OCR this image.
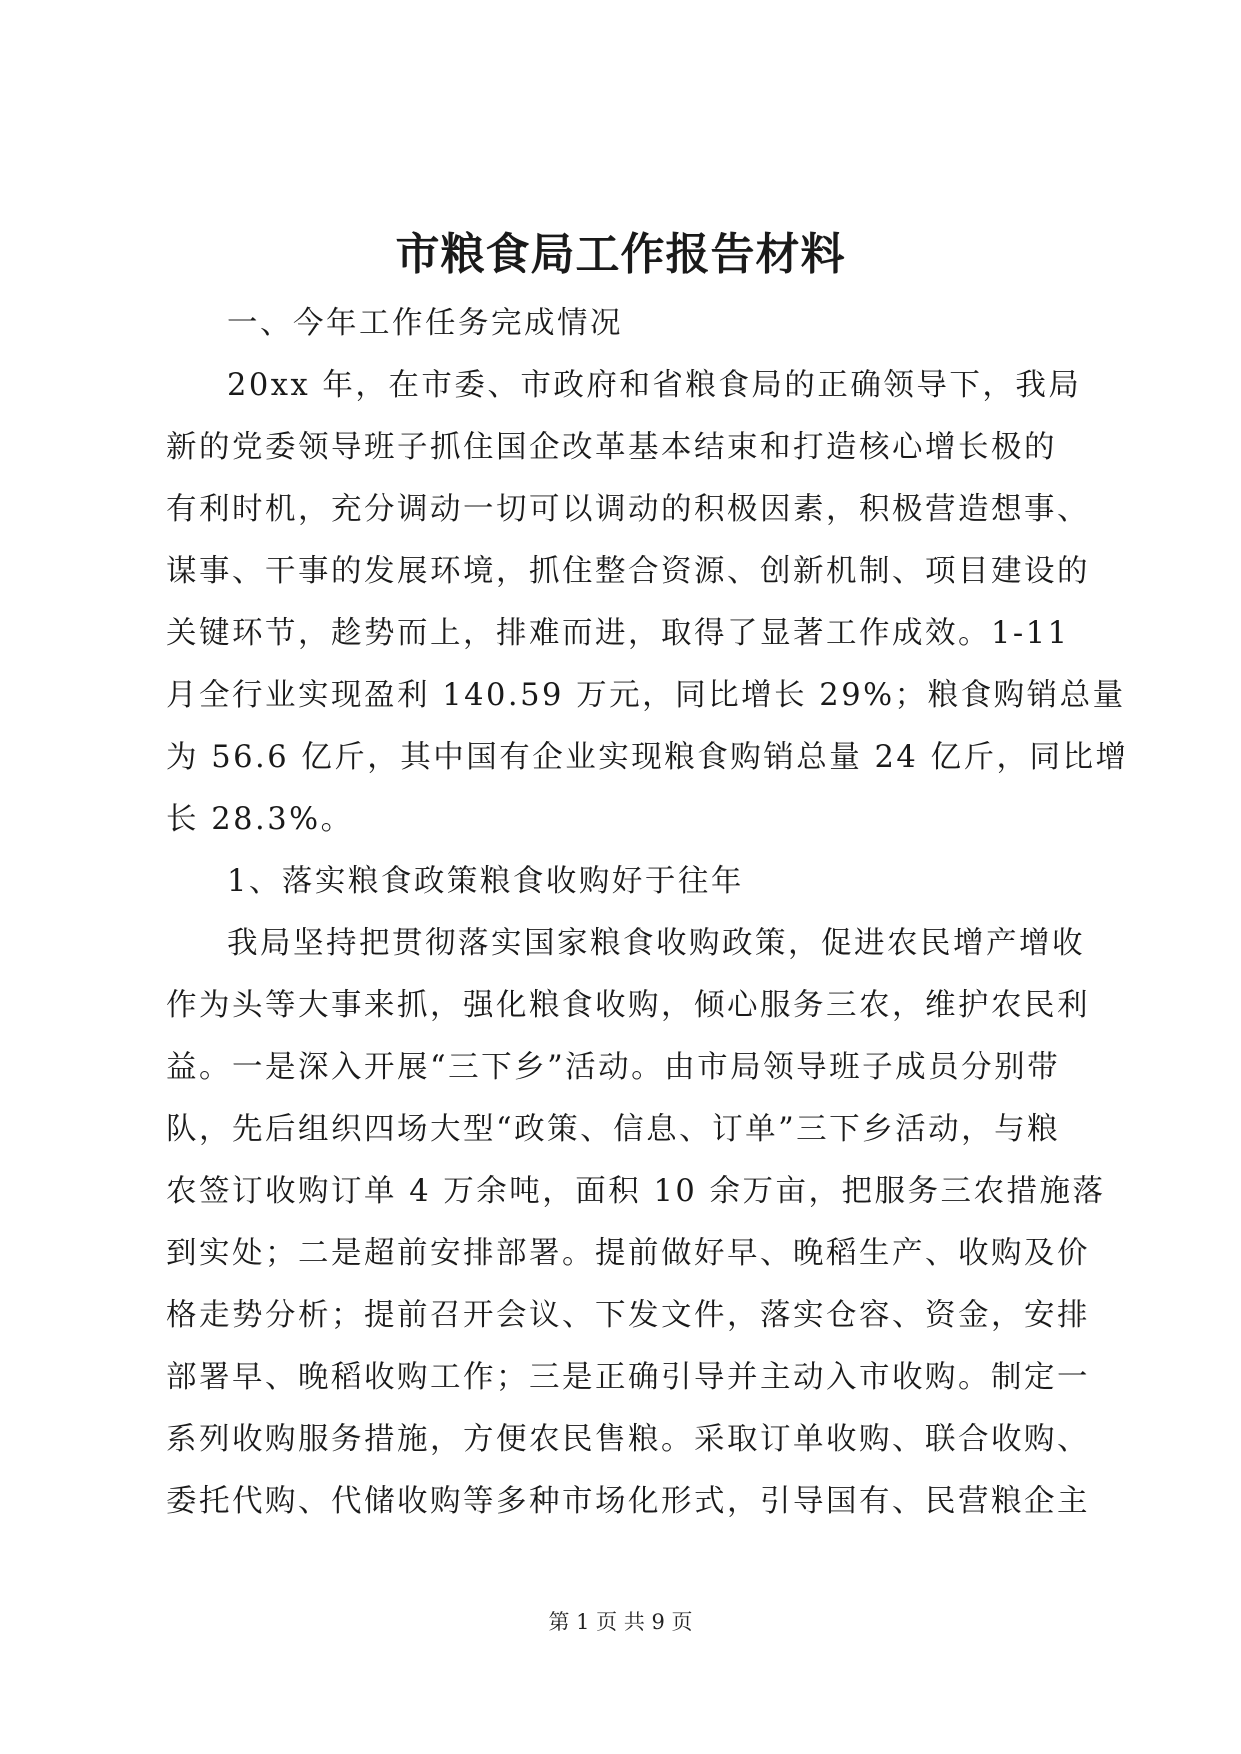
市粮食局工作报告材料

一、今年工作任务完成情况

20xx 年，在市委、市政府和省粮食局的正确领导下，我局
新的党委领导班子抓住国企改革基本结束和打造核心增长极的
有利时机，充分调动一切可以调动的积极因素，积极营造想事、
谋事、干事的发展环境，抓住整合资源、创新机制、项目建设的
关键环节，趁势而上，排难而进，取得了显著工作成效。1-11
月全行业实现盈利 140.59 万元，同比增长 29%；粮食购销总量
为 56.6 亿斤，其中国有企业实现粮食购销总量 24 亿斤，同比增
长 28.3%。

1、落实粮食政策粮食收购好于往年

我局坚持把贯彻落实国家粮食收购政策，促进农民增产增收
作为头等大事来抓，强化粮食收购，倾心服务三农，维护农民利
益。一是深入开展“三下乡”活动。由市局领导班子成员分别带
队，先后组织四场大型“政策、信息、订单”三下乡活动，与粮
农签订收购订单 4 万余吨，面积 10 余万亩，把服务三农措施落
到实处；二是超前安排部署。提前做好早、晚稻生产、收购及价
格走势分析；提前召开会议、下发文件，落实仓容、资金，安排
部署早、晚稻收购工作；三是正确引导并主动入市收购。制定一
系列收购服务措施，方便农民售粮。采取订单收购、联合收购、
委托代购、代储收购等多种市场化形式，引导国有、民营粮企主
第 1 页 共 9 页
